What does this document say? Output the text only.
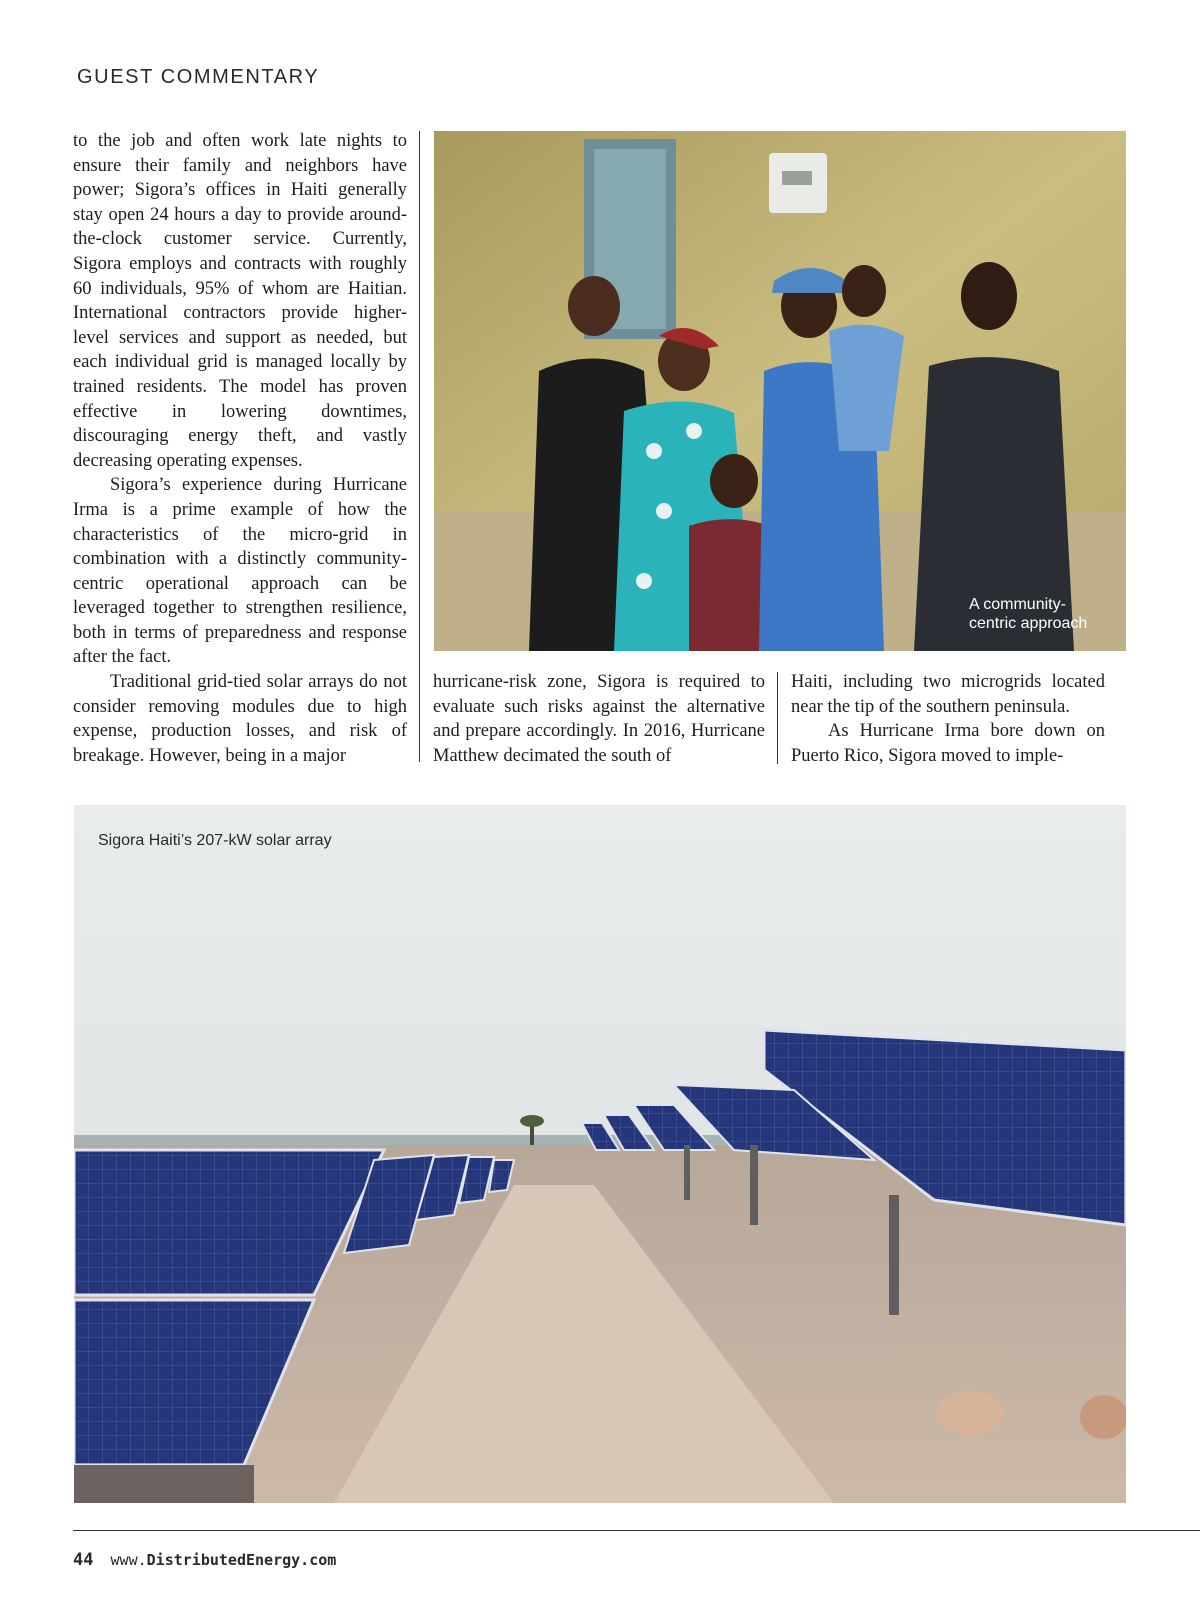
GUEST COMMENTARY

to the job and often work late nights to ensure their family and neighbors have power; Sigora’s offices in Haiti generally stay open 24 hours a day to provide around-the-clock customer service. Currently, Sigora employs and contracts with roughly 60 individuals, 95% of whom are Haitian. International contractors provide higher-level services and support as needed, but each individual grid is managed locally by trained residents. The model has proven effective in lowering downtimes, discouraging energy theft, and vastly decreasing operating expenses.

Sigora’s experience during Hurricane Irma is a prime example of how the characteristics of the micro-grid in combination with a distinctly community-centric operational approach can be leveraged together to strengthen resilience, both in terms of preparedness and response after the fact.

Traditional grid-tied solar arrays do not consider removing modules due to high expense, production losses, and risk of breakage. However, being in a major

A community-centric approach

hurricane-risk zone, Sigora is required to evaluate such risks against the alternative and prepare accordingly. In 2016, Hurricane Matthew decimated the south of

Haiti, including two microgrids located near the tip of the southern peninsula.

As Hurricane Irma bore down on Puerto Rico, Sigora moved to imple-

Sigora Haiti’s 207-kW solar array
44 www.DistributedEnergy.com
